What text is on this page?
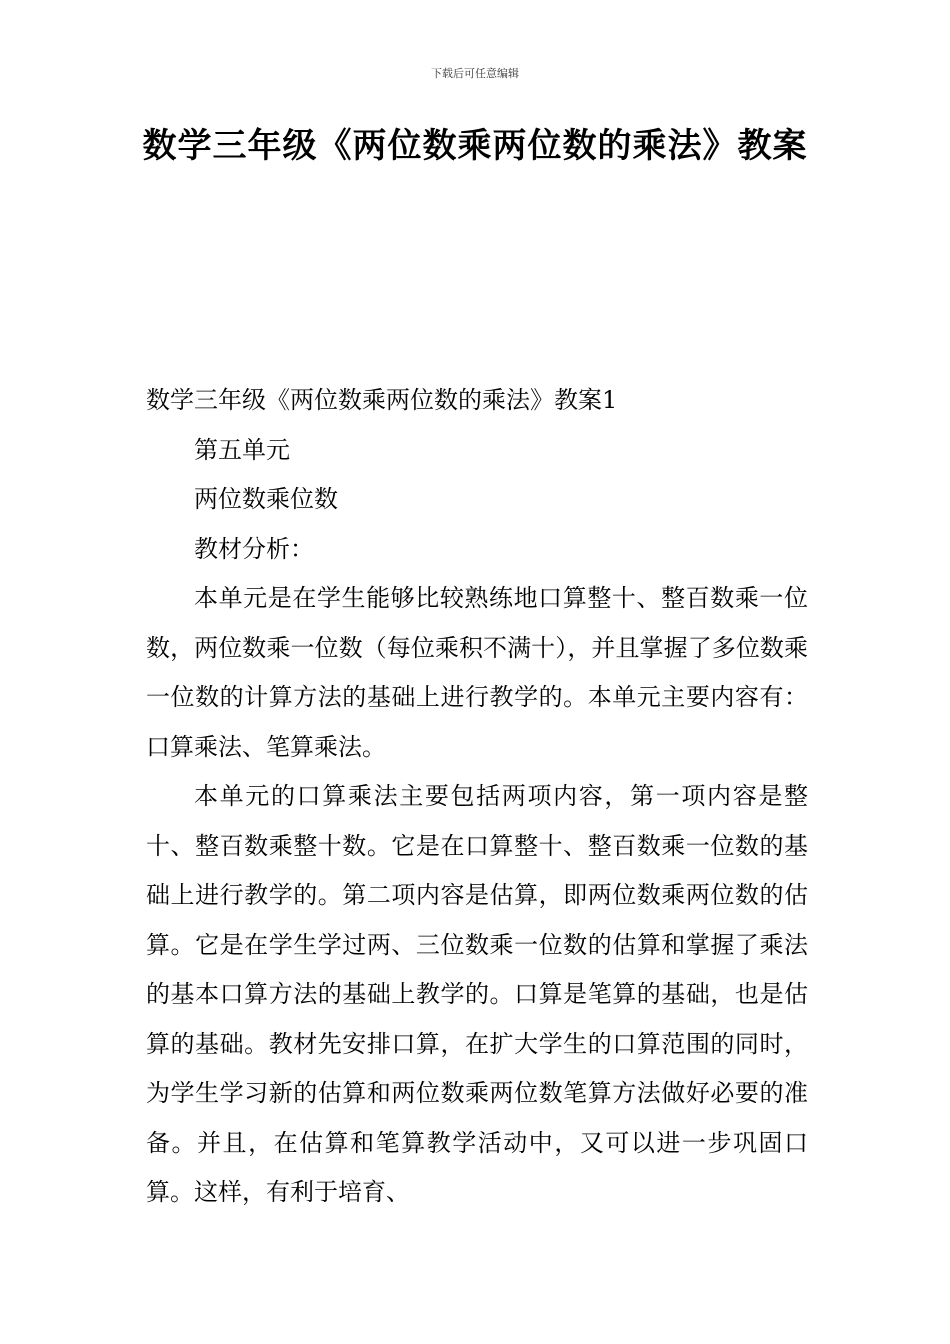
下载后可任意编辑
数学三年级《两位数乘两位数的乘法》教案

数学三年级《两位数乘两位数的乘法》教案1

第五单元

两位数乘位数

教材分析：

本单元是在学生能够比较熟练地口算整十、整百数乘一位数，两位数乘一位数（每位乘积不满十），并且掌握了多位数乘一位数的计算方法的基础上进行教学的。本单元主要内容有：口算乘法、笔算乘法。

本单元的口算乘法主要包括两项内容，第一项内容是整十、整百数乘整十数。它是在口算整十、整百数乘一位数的基础上进行教学的。第二项内容是估算，即两位数乘两位数的估算。它是在学生学过两、三位数乘一位数的估算和掌握了乘法的基本口算方法的基础上教学的。口算是笔算的基础，也是估算的基础。教材先安排口算，在扩大学生的口算范围的同时，为学生学习新的估算和两位数乘两位数笔算方法做好必要的准备。并且，在估算和笔算教学活动中，又可以进一步巩固口算。这样，有利于培育、
